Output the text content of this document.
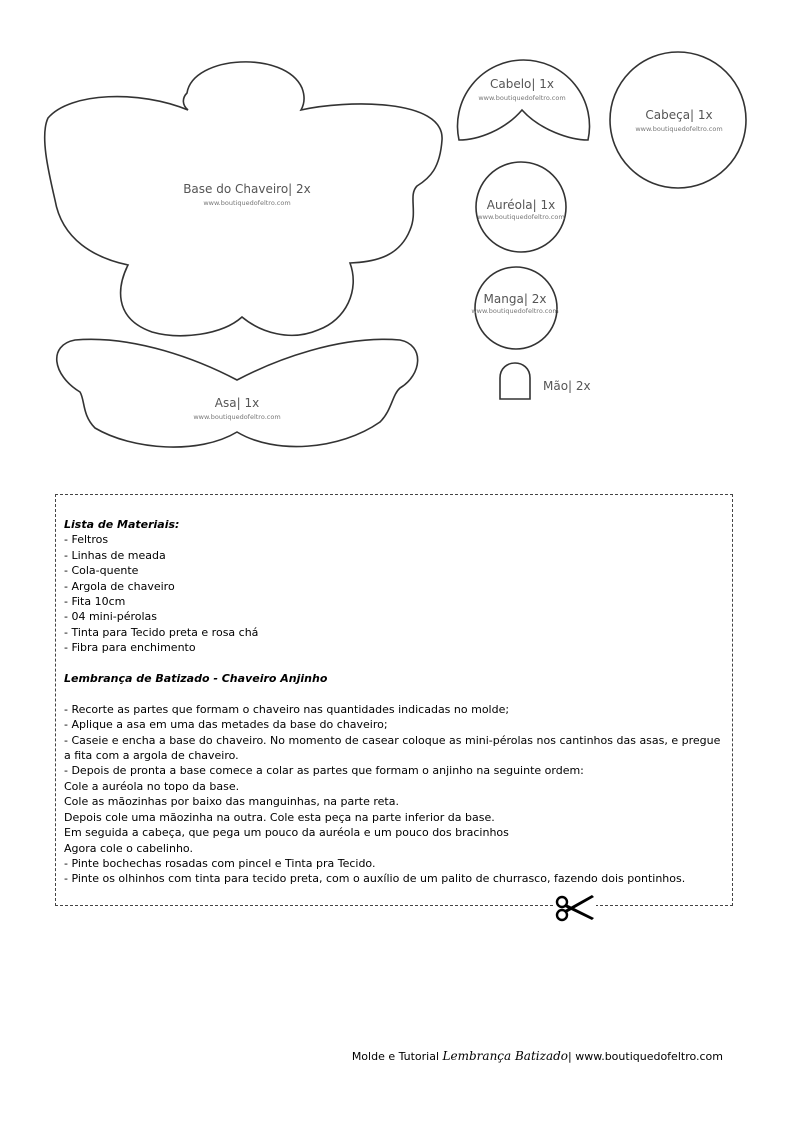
Base do Chaveiro| 2x
www.boutiquedofeltro.com
Asa| 1x
www.boutiquedofeltro.com
Cabelo| 1x
www.boutiquedofeltro.com
Cabeça| 1x
www.boutiquedofeltro.com
Auréola| 1x
www.boutiquedofeltro.com
Manga| 2x
www.boutiquedofeltro.com
Mão| 2x

Lista de Materiais:

- Feltros

- Linhas de meada

- Cola-quente

- Argola de chaveiro

- Fita 10cm

- 04 mini-pérolas

- Tinta para Tecido preta e rosa chá

- Fibra para enchimento

Lembrança de Batizado - Chaveiro Anjinho

- Recorte as partes que formam o chaveiro nas quantidades indicadas no molde;

- Aplique a asa em uma das metades da base do chaveiro;

- Caseie e encha a base do chaveiro. No momento de casear coloque as mini-pérolas nos cantinhos das asas, e pregue a fita com a argola de chaveiro.

- Depois de pronta a base comece a colar as partes que formam o anjinho na seguinte ordem:

Cole a auréola no topo da base.

Cole as mãozinhas por baixo das manguinhas, na parte reta.

Depois cole uma mãozinha na outra. Cole esta peça na parte inferior da base.

Em seguida a cabeça, que pega um pouco da auréola e um pouco dos bracinhos

Agora cole o cabelinho.

- Pinte bochechas rosadas com pincel e Tinta pra Tecido.

- Pinte os olhinhos com tinta para tecido preta, com o auxílio de um palito de churrasco, fazendo dois pontinhos.

Molde e Tutorial Lembrança Batizado| www.boutiquedofeltro.com
